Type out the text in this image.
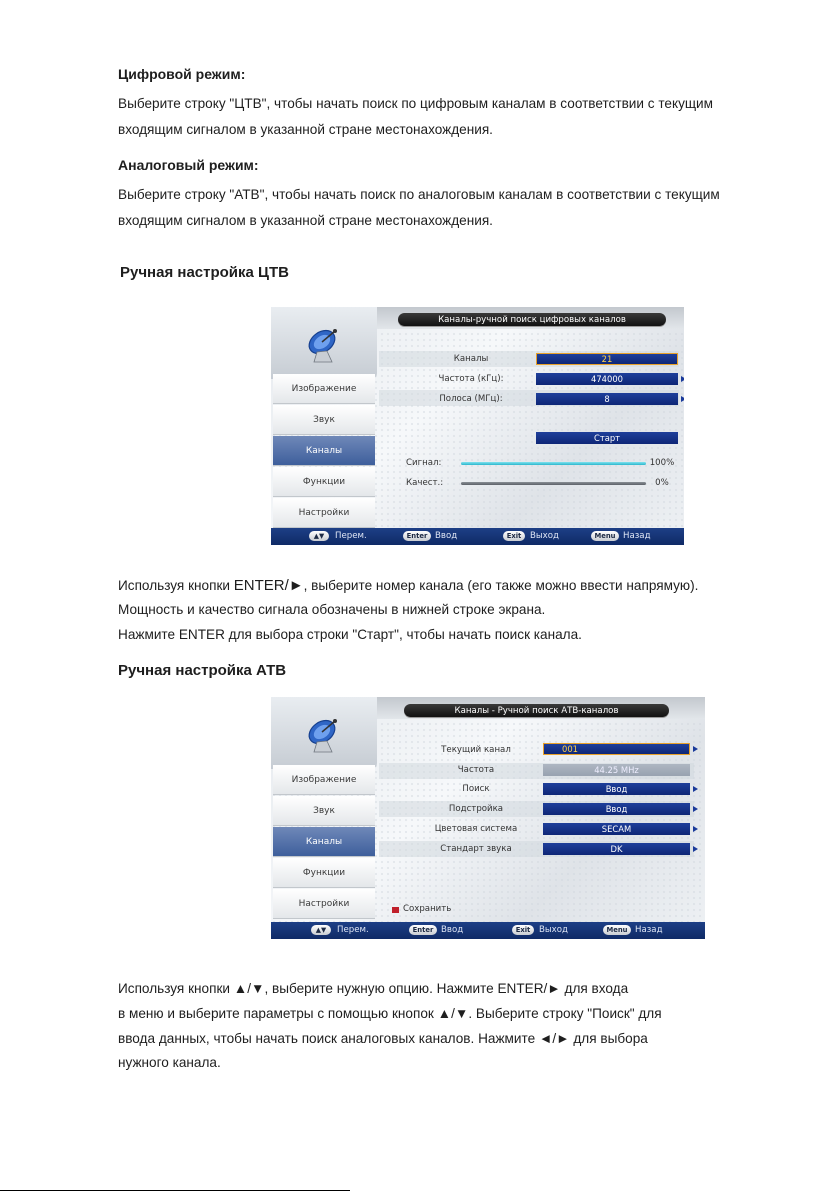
Цифровой режим:
Выберите строку "ЦТВ", чтобы начать поиск по цифровым каналам в соответствии с текущим
входящим сигналом в указанной стране местонахождения.
Аналоговый режим:
Выберите строку "АТВ", чтобы начать поиск по аналоговым каналам в соответствии с текущим
входящим сигналом в указанной стране местонахождения.
Ручная настройка ЦТВ
Каналы-ручной поиск цифровых каналов
Изображение
Звук
Каналы
Функции
Настройки
Каналы	21
Частота (кГц):	474000
Полоса (МГц):	8
Старт
Сигнал:	100%
Качест.:	0%
▲▼	Перем.	Enter Ввод	Exit	Выход	Menu Назад
Используя кнопки ENTER/►, выберите номер канала (его также можно ввести напрямую).
Мощность и качество сигнала обозначены в нижней строке экрана.
Нажмите ENTER для выбора строки "Старт", чтобы начать поиск канала.
Ручная настройка АТВ
Каналы - Ручной поиск АТВ-каналов
Изображение
Звук
Каналы
Функции
Настройки
Текущий канал	001
Частота	44.25 MHz
Поиск	Ввод
Подстройка	Ввод
Цветовая система	SECAM
Стандарт звука	DK
Сохранить
▲▼	Перем.	Enter Ввод	Exit	Выход	Menu Назад
Используя кнопки ▲/▼, выберите нужную опцию. Нажмите ENTER/► для входа
в меню и выберите параметры с помощью кнопок ▲/▼. Выберите строку "Поиск" для
ввода данных, чтобы начать поиск аналоговых каналов. Нажмите ◄/► для выбора
нужного канала.
